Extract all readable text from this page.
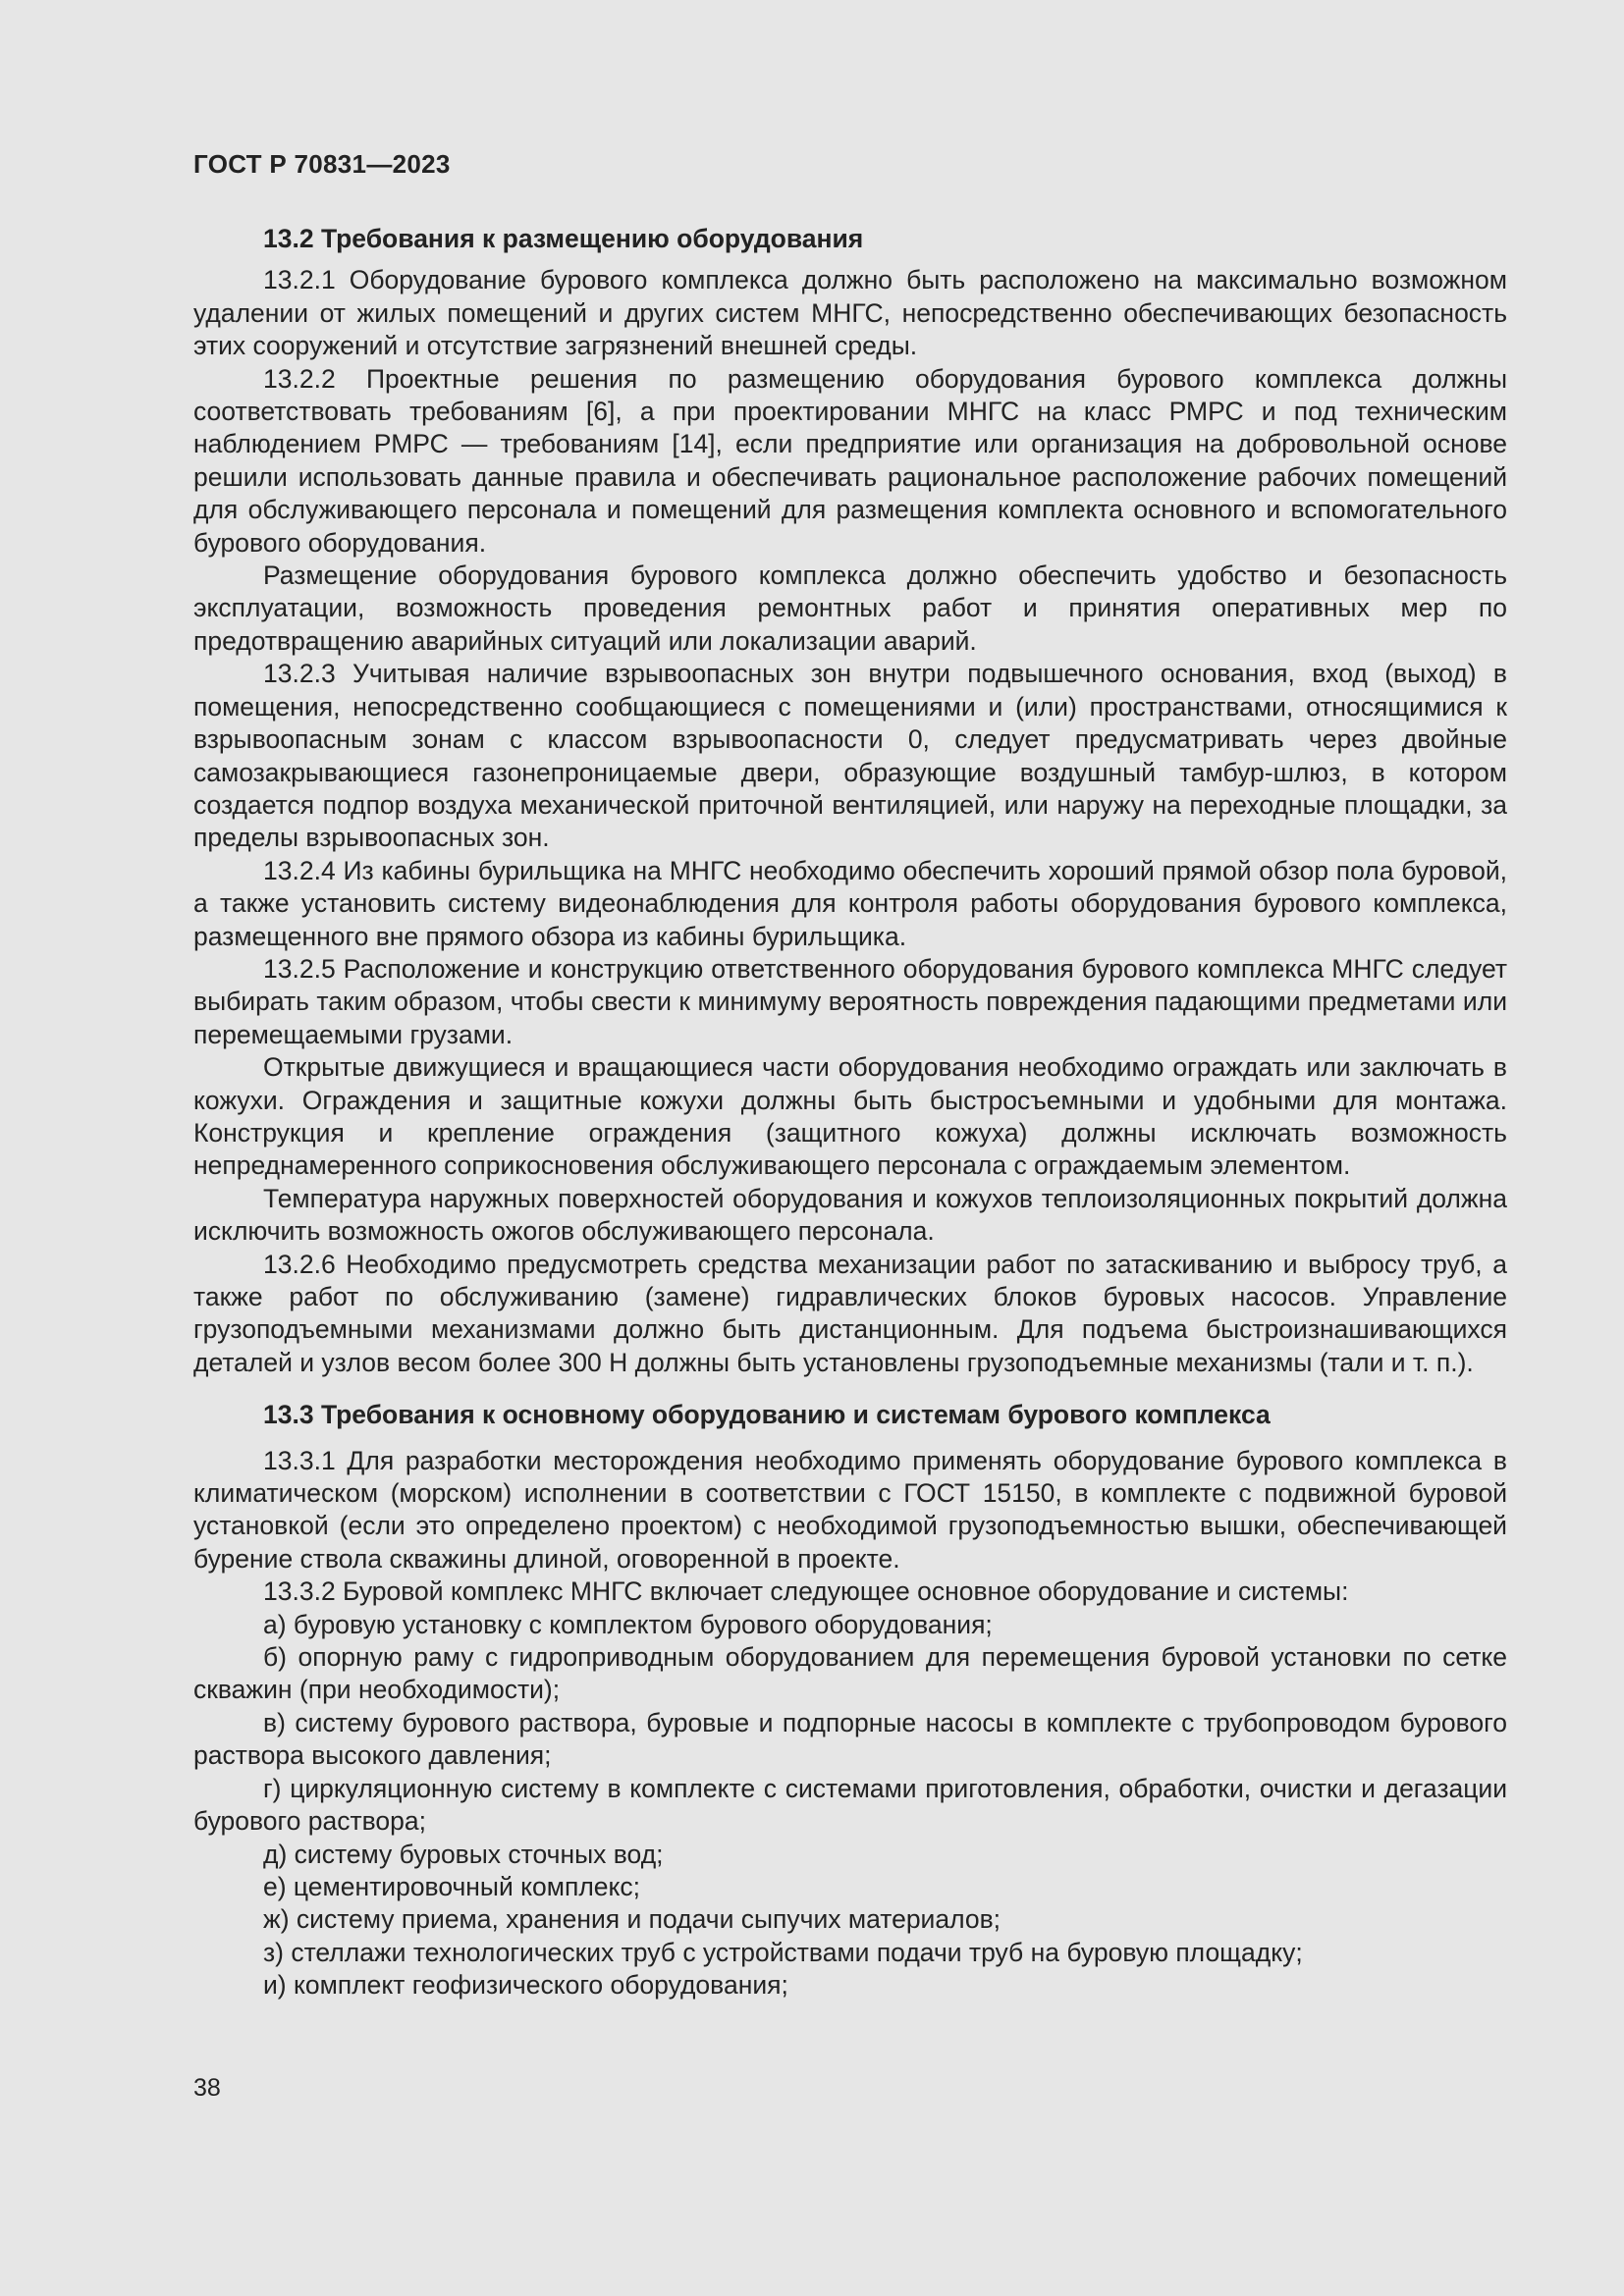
ГОСТ Р 70831—2023
13.2 Требования к размещению оборудования

13.2.1 Оборудование бурового комплекса должно быть расположено на максимально возможном удалении от жилых помещений и других систем МНГС, непосредственно обеспечивающих безопасность этих сооружений и отсутствие загрязнений внешней среды.

13.2.2 Проектные решения по размещению оборудования бурового комплекса должны соответствовать требованиям [6], а при проектировании МНГС на класс РМРС и под техническим наблюдением РМРС — требованиям [14], если предприятие или организация на добровольной основе решили использовать данные правила и обеспечивать рациональное расположение рабочих помещений для обслуживающего персонала и помещений для размещения комплекта основного и вспомогательного бурового оборудования.

Размещение оборудования бурового комплекса должно обеспечить удобство и безопасность эксплуатации, возможность проведения ремонтных работ и принятия оперативных мер по предотвращению аварийных ситуаций или локализации аварий.

13.2.3 Учитывая наличие взрывоопасных зон внутри подвышечного основания, вход (выход) в помещения, непосредственно сообщающиеся с помещениями и (или) пространствами, относящимися к взрывоопасным зонам с классом взрывоопасности 0, следует предусматривать через двойные самозакрывающиеся газонепроницаемые двери, образующие воздушный тамбур-шлюз, в котором создается подпор воздуха механической приточной вентиляцией, или наружу на переходные площадки, за пределы взрывоопасных зон.

13.2.4 Из кабины бурильщика на МНГС необходимо обеспечить хороший прямой обзор пола буровой, а также установить систему видеонаблюдения для контроля работы оборудования бурового комплекса, размещенного вне прямого обзора из кабины бурильщика.

13.2.5 Расположение и конструкцию ответственного оборудования бурового комплекса МНГС следует выбирать таким образом, чтобы свести к минимуму вероятность повреждения падающими предметами или перемещаемыми грузами.

Открытые движущиеся и вращающиеся части оборудования необходимо ограждать или заключать в кожухи. Ограждения и защитные кожухи должны быть быстросъемными и удобными для монтажа. Конструкция и крепление ограждения (защитного кожуха) должны исключать возможность непреднамеренного соприкосновения обслуживающего персонала с ограждаемым элементом.

Температура наружных поверхностей оборудования и кожухов теплоизоляционных покрытий должна исключить возможность ожогов обслуживающего персонала.

13.2.6 Необходимо предусмотреть средства механизации работ по затаскиванию и выбросу труб, а также работ по обслуживанию (замене) гидравлических блоков буровых насосов. Управление грузоподъемными механизмами должно быть дистанционным. Для подъема быстроизнашивающихся деталей и узлов весом более 300 Н должны быть установлены грузоподъемные механизмы (тали и т. п.).

13.3 Требования к основному оборудованию и системам бурового комплекса

13.3.1 Для разработки месторождения необходимо применять оборудование бурового комплекса в климатическом (морском) исполнении в соответствии с ГОСТ 15150, в комплекте с подвижной буровой установкой (если это определено проектом) с необходимой грузоподъемностью вышки, обеспечивающей бурение ствола скважины длиной, оговоренной в проекте.

13.3.2 Буровой комплекс МНГС включает следующее основное оборудование и системы:

а) буровую установку с комплектом бурового оборудования;

б) опорную раму с гидроприводным оборудованием для перемещения буровой установки по сетке скважин (при необходимости);

в) систему бурового раствора, буровые и подпорные насосы в комплекте с трубопроводом бурового раствора высокого давления;

г) циркуляционную систему в комплекте с системами приготовления, обработки, очистки и дегазации бурового раствора;

д) систему буровых сточных вод;

е) цементировочный комплекс;

ж) систему приема, хранения и подачи сыпучих материалов;

з) стеллажи технологических труб с устройствами подачи труб на буровую площадку;

и) комплект геофизического оборудования;

38
